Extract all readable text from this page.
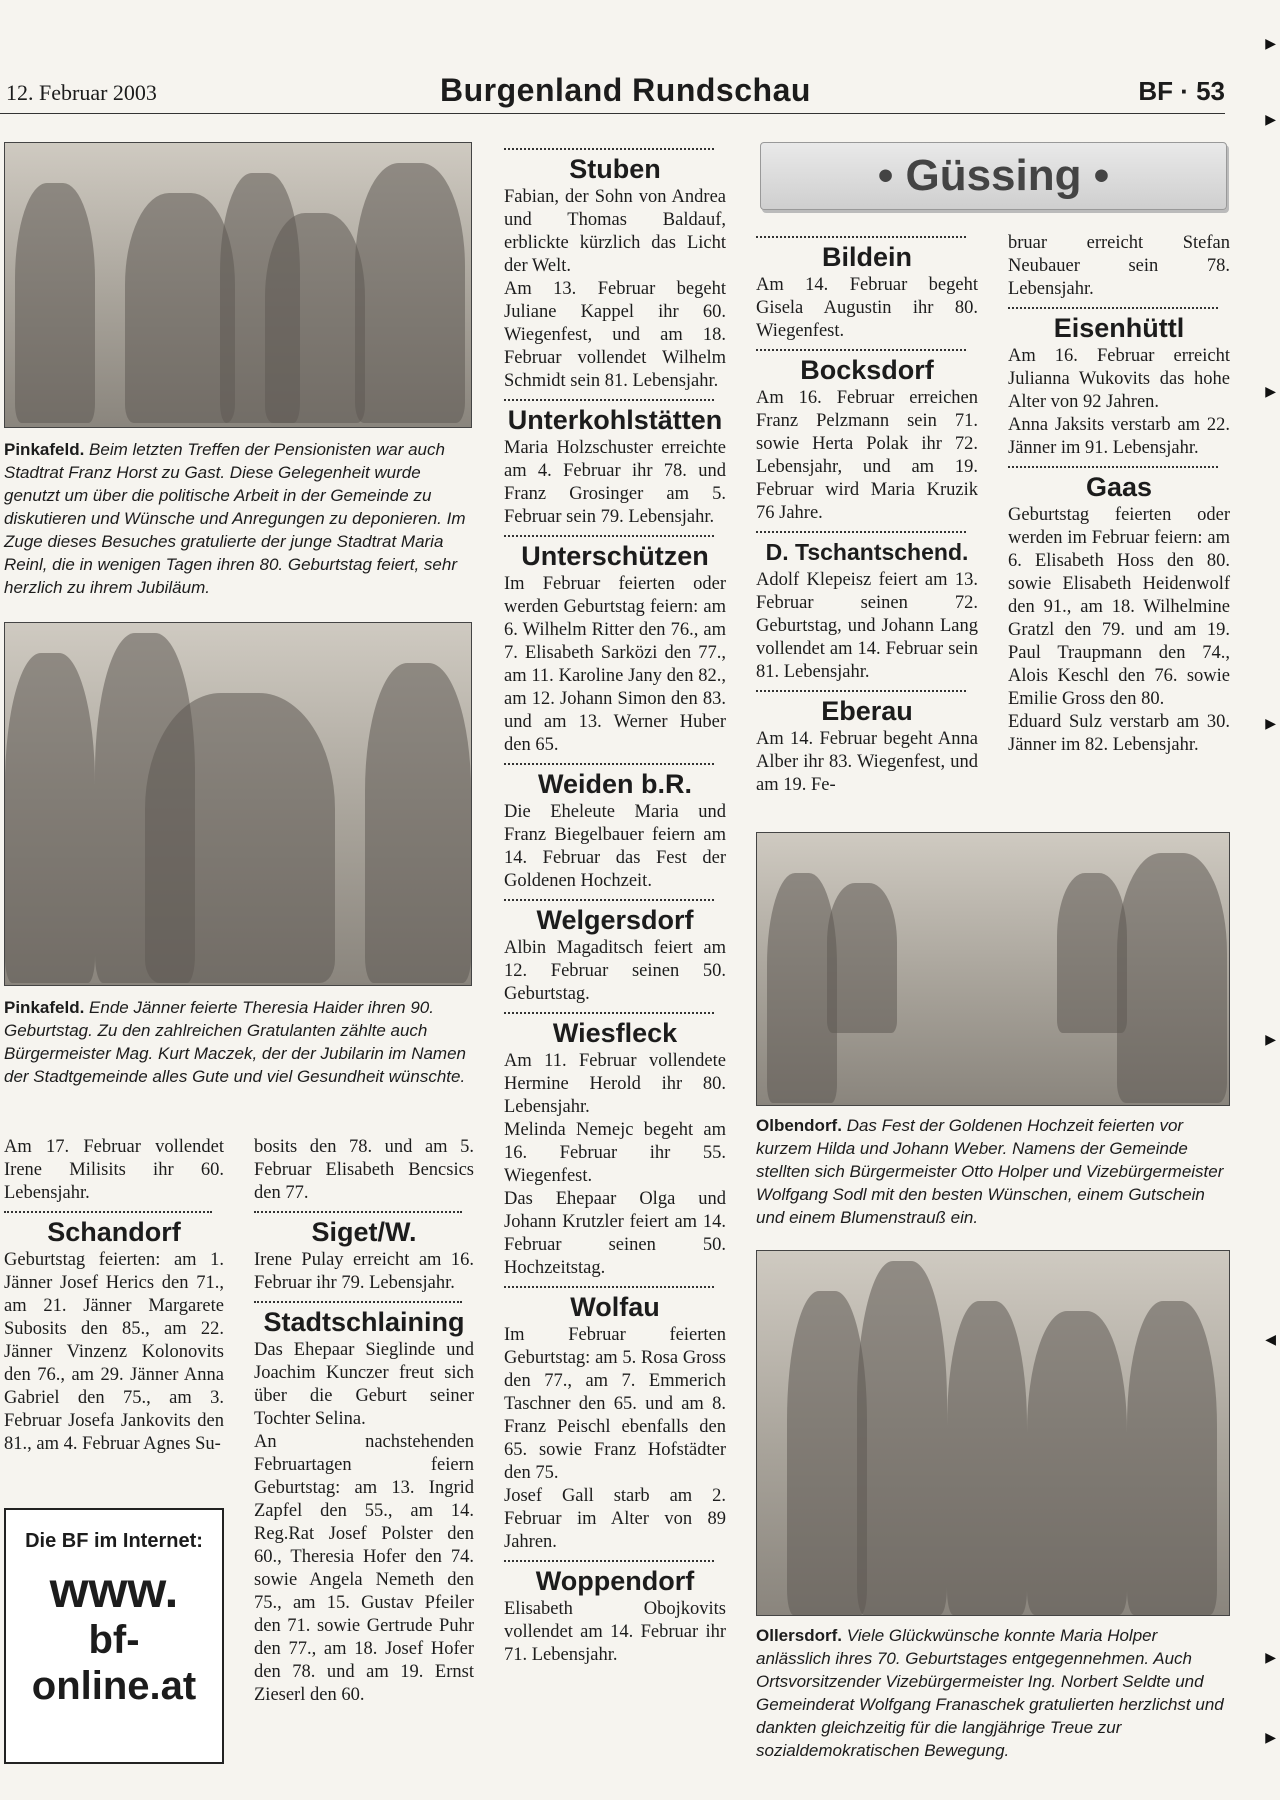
12. Februar 2003	Burgenland Rundschau	BF · 53
Pinkafeld. Beim letzten Treffen der Pensionisten war auch Stadtrat Franz Horst zu Gast. Diese Gelegenheit wurde genutzt um über die politische Arbeit in der Gemeinde zu diskutieren und Wünsche und Anregungen zu deponieren. Im Zuge dieses Besuches gratulierte der junge Stadtrat Maria Reinl, die in wenigen Tagen ihren 80. Geburtstag feiert, sehr herzlich zu ihrem Jubiläum.
Pinkafeld. Ende Jänner feierte Theresia Haider ihren 90. Geburtstag. Zu den zahlreichen Gratulanten zählte auch Bürgermeister Mag. Kurt Maczek, der der Jubilarin im Namen der Stadtgemeinde alles Gute und viel Gesundheit wünschte.

Am 17. Februar vollendet Irene Milisits ihr 60. Lebensjahr.

Schandorf

Geburtstag feierten: am 1. Jänner Josef Herics den 71., am 21. Jänner Margarete Subosits den 85., am 22. Jänner Vinzenz Kolonovits den 76., am 29. Jänner Anna Gabriel den 75., am 3. Februar Josefa Jankovits den 81., am 4. Februar Agnes Su-

Die BF im Internet:
www.
bf-
online.at

bosits den 78. und am 5. Februar Elisabeth Bencsics den 77.

Siget/W.

Irene Pulay erreicht am 16. Februar ihr 79. Lebensjahr.

Stadtschlaining

Das Ehepaar Sieglinde und Joachim Kunczer freut sich über die Geburt seiner Tochter Selina.

An nachstehenden Februartagen feiern Geburtstag: am 13. Ingrid Zapfel den 55., am 14. Reg.Rat Josef Polster den 60., Theresia Hofer den 74. sowie Angela Nemeth den 75., am 15. Gustav Pfeiler den 71. sowie Gertrude Puhr den 77., am 18. Josef Hofer den 78. und am 19. Ernst Zieserl den 60.

Stuben

Fabian, der Sohn von Andrea und Thomas Baldauf, erblickte kürzlich das Licht der Welt.

Am 13. Februar begeht Juliane Kappel ihr 60. Wiegenfest, und am 18. Februar vollendet Wilhelm Schmidt sein 81. Lebensjahr.

Unterkohlstätten

Maria Holzschuster erreichte am 4. Februar ihr 78. und Franz Grosinger am 5. Februar sein 79. Lebensjahr.

Unterschützen

Im Februar feierten oder werden Geburtstag feiern: am 6. Wilhelm Ritter den 76., am 7. Elisabeth Sarközi den 77., am 11. Karoline Jany den 82., am 12. Johann Simon den 83. und am 13. Werner Huber den 65.

Weiden b.R.

Die Eheleute Maria und Franz Biegelbauer feiern am 14. Februar das Fest der Goldenen Hochzeit.

Welgersdorf

Albin Magaditsch feiert am 12. Februar seinen 50. Geburtstag.

Wiesfleck

Am 11. Februar vollendete Hermine Herold ihr 80. Lebensjahr.

Melinda Nemejc begeht am 16. Februar ihr 55. Wiegenfest.

Das Ehepaar Olga und Johann Krutzler feiert am 14. Februar seinen 50. Hochzeitstag.

Wolfau

Im Februar feierten Geburtstag: am 5. Rosa Gross den 77., am 7. Emmerich Taschner den 65. und am 8. Franz Peischl ebenfalls den 65. sowie Franz Hofstädter den 75.

Josef Gall starb am 2. Februar im Alter von 89 Jahren.

Woppendorf

Elisabeth Obojkovits vollendet am 14. Februar ihr 71. Lebensjahr.

• Güssing •
Bildein

Am 14. Februar begeht Gisela Augustin ihr 80. Wiegenfest.

Bocksdorf

Am 16. Februar erreichen Franz Pelzmann sein 71. sowie Herta Polak ihr 72. Lebensjahr, und am 19. Februar wird Maria Kruzik 76 Jahre.

D. Tschantschend.

Adolf Klepeisz feiert am 13. Februar seinen 72. Geburtstag, und Johann Lang vollendet am 14. Februar sein 81. Lebensjahr.

Eberau

Am 14. Februar begeht Anna Alber ihr 83. Wiegenfest, und am 19. Fe-

bruar erreicht Stefan Neubauer sein 78. Lebensjahr.

Eisenhüttl

Am 16. Februar erreicht Julianna Wukovits das hohe Alter von 92 Jahren.

Anna Jaksits verstarb am 22. Jänner im 91. Lebensjahr.

Gaas

Geburtstag feierten oder werden im Februar feiern: am 6. Elisabeth Hoss den 80. sowie Elisabeth Heidenwolf den 91., am 18. Wilhelmine Gratzl den 79. und am 19. Paul Traupmann den 74., Alois Keschl den 76. sowie Emilie Gross den 80.

Eduard Sulz verstarb am 30. Jänner im 82. Lebensjahr.

Olbendorf. Das Fest der Goldenen Hochzeit feierten vor kurzem Hilda und Johann Weber. Namens der Gemeinde stellten sich Bürgermeister Otto Holper und Vizebürgermeister Wolfgang Sodl mit den besten Wünschen, einem Gutschein und einem Blumenstrauß ein.
Ollersdorf. Viele Glückwünsche konnte Maria Holper anlässlich ihres 70. Geburtstages entgegennehmen. Auch Ortsvorsitzender Vizebürgermeister Ing. Norbert Seldte und Gemeinderat Wolfgang Franaschek gratulierten herzlichst und dankten gleichzeitig für die langjährige Treue zur sozialdemokratischen Bewegung.
▶
▶
▶
▶
▶
◀
▶
▶
